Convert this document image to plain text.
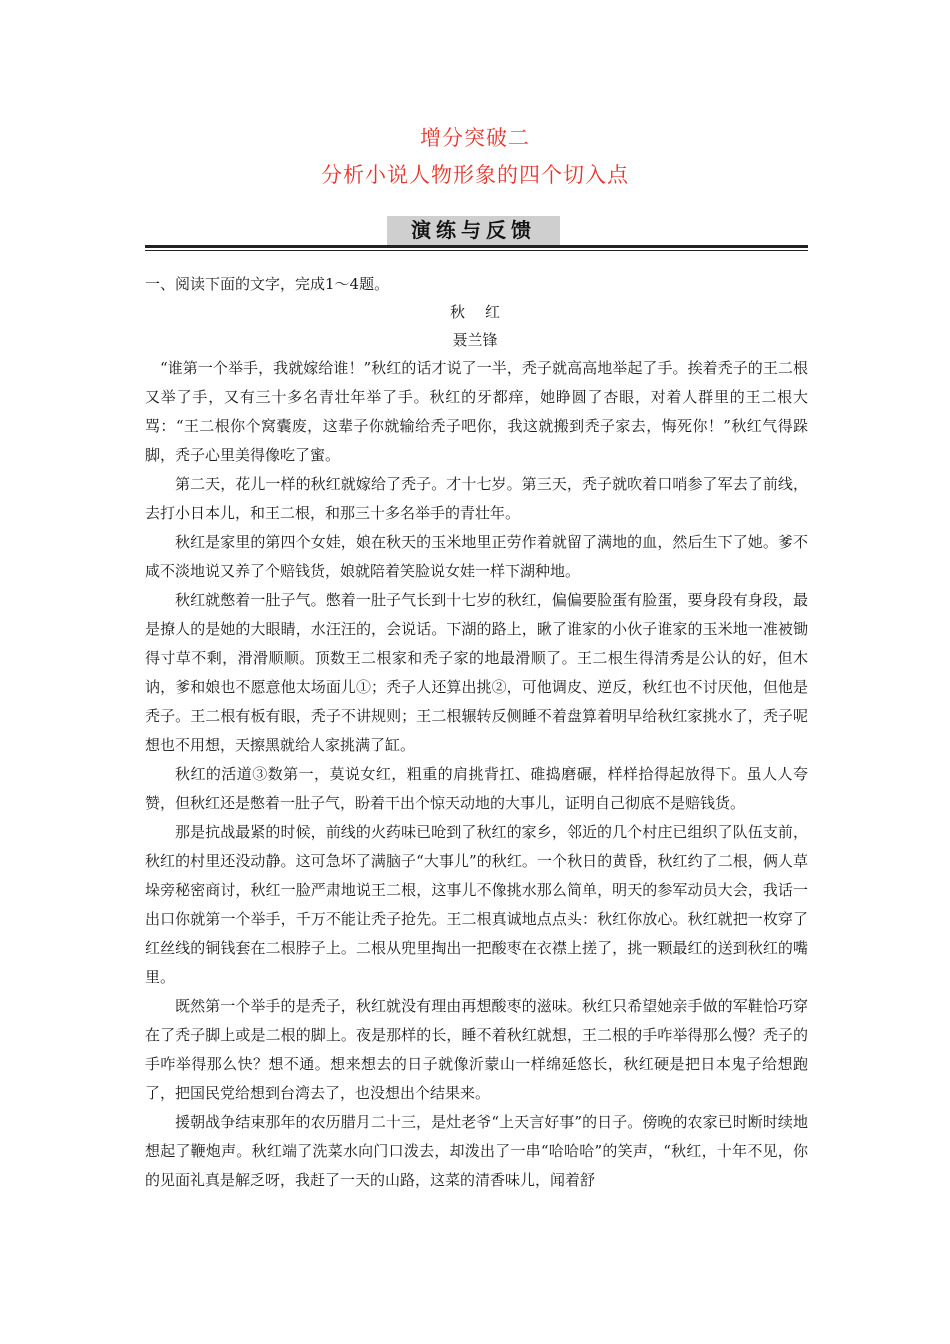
增分突破二
分析小说人物形象的四个切入点
演练与反馈
一、阅读下面的文字，完成1～4题。
秋红
聂兰锋

“谁第一个举手，我就嫁给谁！”秋红的话才说了一半，秃子就高高地举起了手。挨着秃子的王二根又举了手，又有三十多名青壮年举了手。秋红的牙都痒，她睁圆了杏眼，对着人群里的王二根大骂：“王二根你个窝囊废，这辈子你就输给秃子吧你，我这就搬到秃子家去，悔死你！”秋红气得跺脚，秃子心里美得像吃了蜜。

第二天，花儿一样的秋红就嫁给了秃子。才十七岁。第三天，秃子就吹着口哨参了军去了前线，去打小日本儿，和王二根，和那三十多名举手的青壮年。

秋红是家里的第四个女娃，娘在秋天的玉米地里正劳作着就留了满地的血，然后生下了她。爹不咸不淡地说又养了个赔钱货，娘就陪着笑脸说女娃一样下湖种地。

秋红就憋着一肚子气。憋着一肚子气长到十七岁的秋红，偏偏要脸蛋有脸蛋，要身段有身段，最是撩人的是她的大眼睛，水汪汪的，会说话。下湖的路上，瞅了谁家的小伙子谁家的玉米地一准被锄得寸草不剩，滑滑顺顺。顶数王二根家和秃子家的地最滑顺了。王二根生得清秀是公认的好，但木讷，爹和娘也不愿意他太场面儿①；秃子人还算出挑②，可他调皮、逆反，秋红也不讨厌他，但他是秃子。王二根有板有眼，秃子不讲规则；王二根辗转反侧睡不着盘算着明早给秋红家挑水了，秃子呢想也不用想，天擦黑就给人家挑满了缸。

秋红的活道③数第一，莫说女红，粗重的肩挑背扛、碓捣磨碾，样样拾得起放得下。虽人人夸赞，但秋红还是憋着一肚子气，盼着干出个惊天动地的大事儿，证明自己彻底不是赔钱货。

那是抗战最紧的时候，前线的火药味已呛到了秋红的家乡，邻近的几个村庄已组织了队伍支前，秋红的村里还没动静。这可急坏了满脑子“大事儿”的秋红。一个秋日的黄昏，秋红约了二根，俩人草垛旁秘密商讨，秋红一脸严肃地说王二根，这事儿不像挑水那么简单，明天的参军动员大会，我话一出口你就第一个举手，千万不能让秃子抢先。王二根真诚地点点头：秋红你放心。秋红就把一枚穿了红丝线的铜钱套在二根脖子上。二根从兜里掏出一把酸枣在衣襟上搓了，挑一颗最红的送到秋红的嘴里。

既然第一个举手的是秃子，秋红就没有理由再想酸枣的滋味。秋红只希望她亲手做的军鞋恰巧穿在了秃子脚上或是二根的脚上。夜是那样的长，睡不着秋红就想，王二根的手咋举得那么慢？秃子的手咋举得那么快？想不通。想来想去的日子就像沂蒙山一样绵延悠长，秋红硬是把日本鬼子给想跑了，把国民党给想到台湾去了，也没想出个结果来。

援朝战争结束那年的农历腊月二十三，是灶老爷“上天言好事”的日子。傍晚的农家已时断时续地想起了鞭炮声。秋红端了洗菜水向门口泼去，却泼出了一串“哈哈哈”的笑声，“秋红，十年不见，你的见面礼真是解乏呀，我赶了一天的山路，这菜的清香味儿，闻着舒
